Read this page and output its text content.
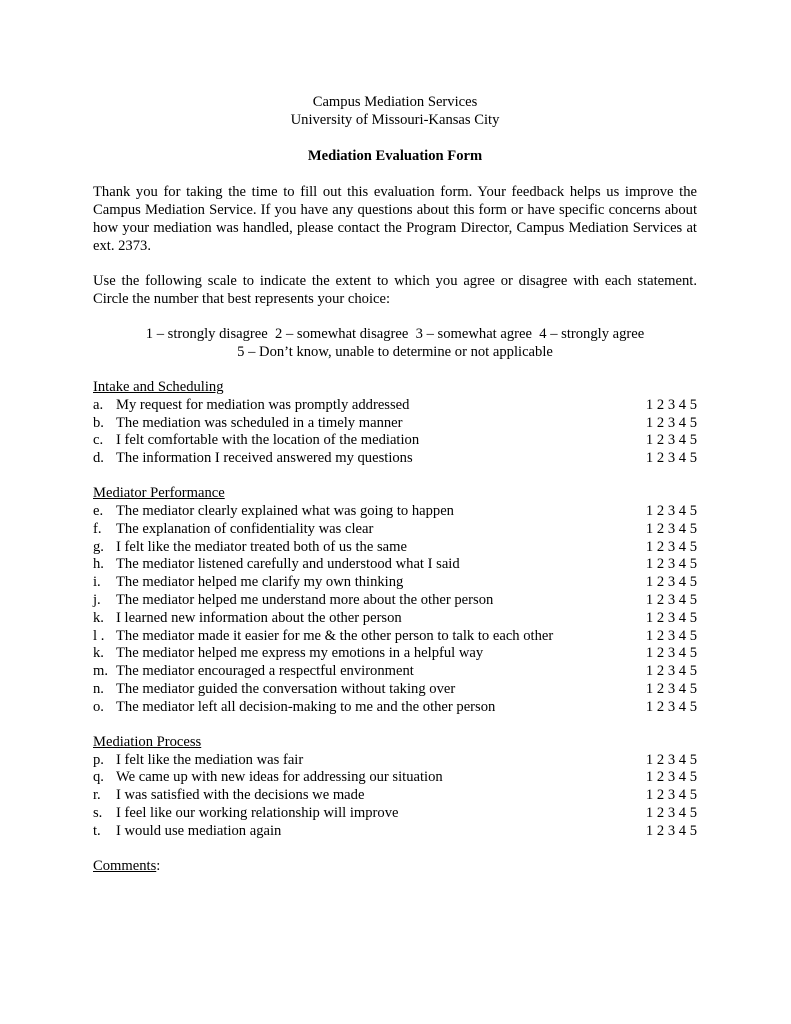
Campus Mediation Services
University of Missouri-Kansas City
Mediation Evaluation Form
Thank you for taking the time to fill out this evaluation form. Your feedback helps us improve the Campus Mediation Service. If you have any questions about this form or have specific concerns about how your mediation was handled, please contact the Program Director, Campus Mediation Services at ext. 2373.
Use the following scale to indicate the extent to which you agree or disagree with each statement. Circle the number that best represents your choice:
1 – strongly disagree  2 – somewhat disagree  3 – somewhat agree  4 – strongly agree
5 – Don’t know, unable to determine or not applicable
Intake and Scheduling
a. My request for mediation was promptly addressed	1 2 3 4 5
b. The mediation was scheduled in a timely manner	1 2 3 4 5
c. I felt comfortable with the location of the mediation	1 2 3 4 5
d. The information I received answered my questions	1 2 3 4 5
Mediator Performance
e. The mediator clearly explained what was going to happen	1 2 3 4 5
f. The explanation of confidentiality was clear	1 2 3 4 5
g. I felt like the mediator treated both of us the same	1 2 3 4 5
h. The mediator listened carefully and understood what I said	1 2 3 4 5
i.	The mediator helped me clarify my own thinking	1 2 3 4 5
j.	The mediator helped me understand more about the other person	1 2 3 4 5
k. I learned new information about the other person	1 2 3 4 5
l . The mediator made it easier for me & the other person to talk to each other	1 2 3 4 5
k. The mediator helped me express my emotions in a helpful way	1 2 3 4 5
m. The mediator encouraged a respectful environment	1 2 3 4 5
n. The mediator guided the conversation without taking over	1 2 3 4 5
o. The mediator left all decision-making to me and the other person	1 2 3 4 5
Mediation Process
p. I felt like the mediation was fair	1 2 3 4 5
q. We came up with new ideas for addressing our situation	1 2 3 4 5
r.	I was satisfied with the decisions we made	1 2 3 4 5
s. I feel like our working relationship will improve	1 2 3 4 5
t.	I would use mediation again	1 2 3 4 5
Comments:
